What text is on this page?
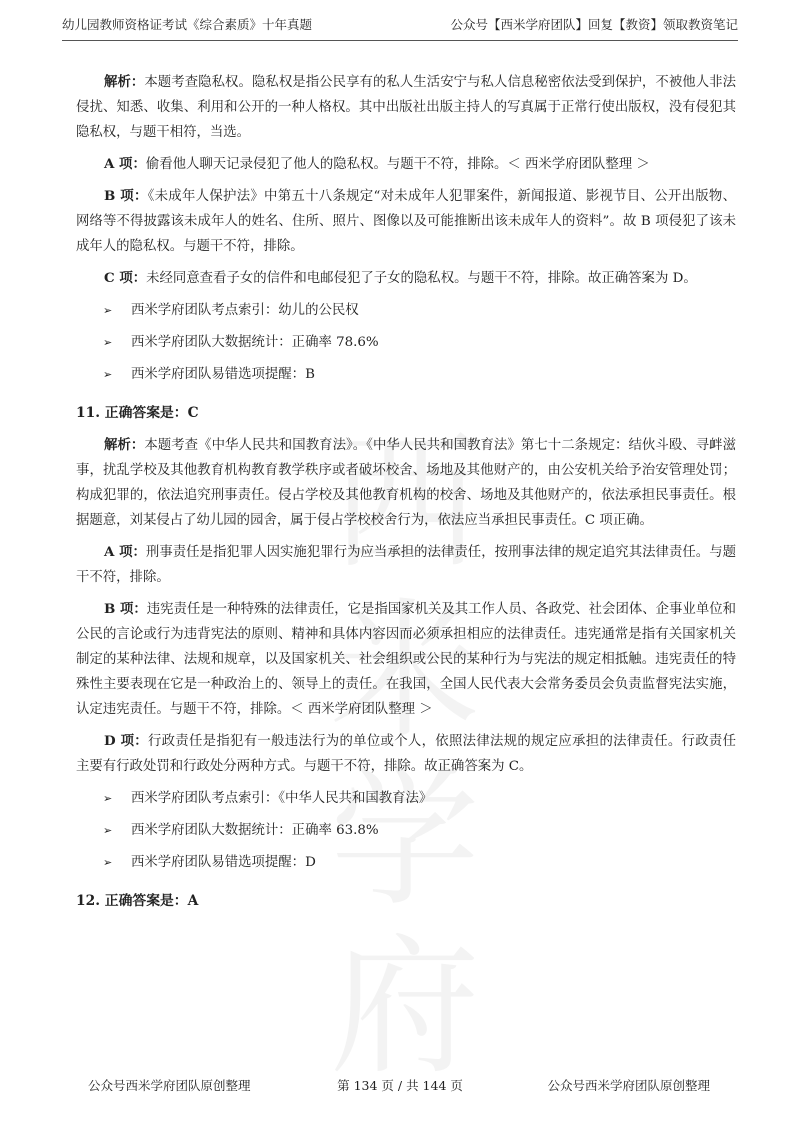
幼儿园教师资格证考试《综合素质》十年真题	公众号【西米学府团队】回复【教资】领取教资笔记

解析：本题考查隐私权。隐私权是指公民享有的私人生活安宁与私人信息秘密依法受到保护，不被他人非法侵扰、知悉、收集、利用和公开的一种人格权。其中出版社出版主持人的写真属于正常行使出版权，没有侵犯其隐私权，与题干相符，当选。

A 项：偷看他人聊天记录侵犯了他人的隐私权。与题干不符，排除。＜ 西米学府团队整理 ＞

B 项：《未成年人保护法》中第五十八条规定“对未成年人犯罪案件，新闻报道、影视节目、公开出版物、网络等不得披露该未成年人的姓名、住所、照片、图像以及可能推断出该未成年人的资料”。故 B 项侵犯了该未成年人的隐私权。与题干不符，排除。

C 项：未经同意查看子女的信件和电邮侵犯了子女的隐私权。与题干不符，排除。故正确答案为 D。

➢ 西米学府团队考点索引：幼儿的公民权
➢ 西米学府团队大数据统计：正确率 78.6%
➢ 西米学府团队易错选项提醒：B
11. 正确答案是：C

解析：本题考查《中华人民共和国教育法》。《中华人民共和国教育法》第七十二条规定：结伙斗殴、寻衅滋事，扰乱学校及其他教育机构教育教学秩序或者破坏校舍、场地及其他财产的，由公安机关给予治安管理处罚；构成犯罪的，依法追究刑事责任。侵占学校及其他教育机构的校舍、场地及其他财产的，依法承担民事责任。根据题意，刘某侵占了幼儿园的园舍，属于侵占学校校舍行为，依法应当承担民事责任。C 项正确。

A 项：刑事责任是指犯罪人因实施犯罪行为应当承担的法律责任，按刑事法律的规定追究其法律责任。与题干不符，排除。

B 项：违宪责任是一种特殊的法律责任，它是指国家机关及其工作人员、各政党、社会团体、企事业单位和公民的言论或行为违背宪法的原则、精神和具体内容因而必须承担相应的法律责任。违宪通常是指有关国家机关制定的某种法律、法规和规章，以及国家机关、社会组织或公民的某种行为与宪法的规定相抵触。违宪责任的特殊性主要表现在它是一种政治上的、领导上的责任。在我国，全国人民代表大会常务委员会负责监督宪法实施，认定违宪责任。与题干不符，排除。＜ 西米学府团队整理 ＞

D 项：行政责任是指犯有一般违法行为的单位或个人，依照法律法规的规定应承担的法律责任。行政责任主要有行政处罚和行政处分两种方式。与题干不符，排除。故正确答案为 C。

➢ 西米学府团队考点索引：《中华人民共和国教育法》
➢ 西米学府团队大数据统计：正确率 63.8%
➢ 西米学府团队易错选项提醒：D
12. 正确答案是：A
公众号西米学府团队原创整理	第 134 页 / 共 144 页	公众号西米学府团队原创整理
